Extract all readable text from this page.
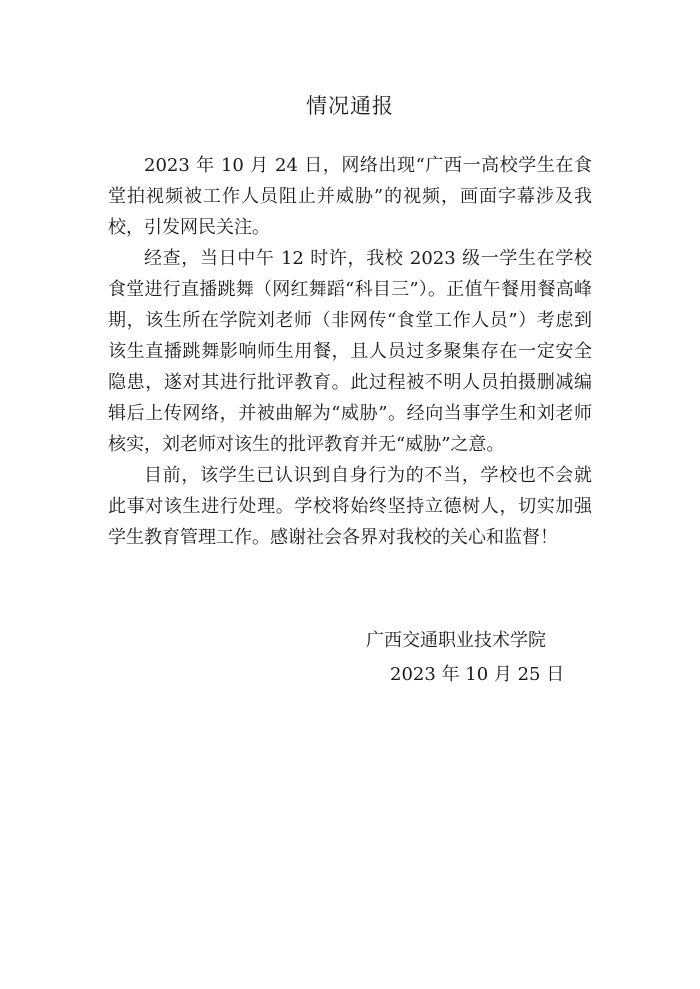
情况通报

2023 年 10 月 24 日，网络出现“广西一高校学生在食堂拍视频被工作人员阻止并威胁”的视频，画面字幕涉及我校，引发网民关注。

经查，当日中午 12 时许，我校 2023 级一学生在学校食堂进行直播跳舞（网红舞蹈“科目三”）。正值午餐用餐高峰期，该生所在学院刘老师（非网传“食堂工作人员”）考虑到该生直播跳舞影响师生用餐，且人员过多聚集存在一定安全隐患，遂对其进行批评教育。此过程被不明人员拍摄删减编辑后上传网络，并被曲解为“威胁”。经向当事学生和刘老师核实，刘老师对该生的批评教育并无“威胁”之意。

目前，该学生已认识到自身行为的不当，学校也不会就此事对该生进行处理。学校将始终坚持立德树人，切实加强学生教育管理工作。感谢社会各界对我校的关心和监督！

广西交通职业技术学院
2023 年 10 月 25 日
